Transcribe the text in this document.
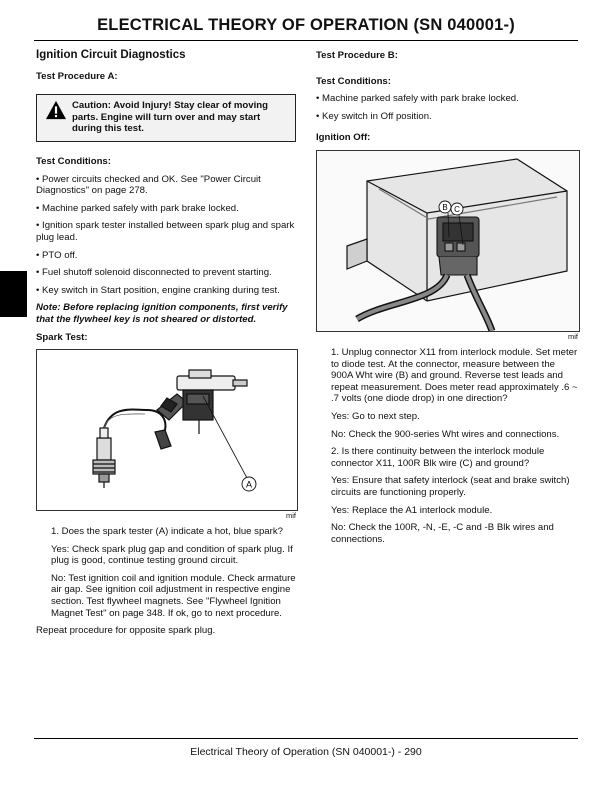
ELECTRICAL THEORY OF OPERATION (SN 040001-)

Ignition Circuit Diagnostics

Test Procedure A:

Caution: Avoid Injury! Stay clear of moving parts. Engine will turn over and may start during this test.

Test Conditions:

• Power circuits checked and OK. See "Power Circuit Diagnostics" on page 278.

• Machine parked safely with park brake locked.

• Ignition spark tester installed between spark plug and spark plug lead.

• PTO off.

• Fuel shutoff solenoid disconnected to prevent starting.

• Key switch in Start position, engine cranking during test.

Note: Before replacing ignition components, first verify that the flywheel key is not sheared or distorted.

Spark Test:

A
mif

1. Does the spark tester (A) indicate a hot, blue spark?

Yes: Check spark plug gap and condition of spark plug. If plug is good, continue testing ground circuit.

No: Test ignition coil and ignition module. Check armature air gap. See ignition coil adjustment in respective engine section. Test flywheel magnets. See "Flywheel Ignition Magnet Test" on page 348. If ok, go to next procedure.

Repeat procedure for opposite spark plug.

Test Procedure B:

Test Conditions:

• Machine parked safely with park brake locked.

• Key switch in Off position.

Ignition Off:

B C
mif

1. Unplug connector X11 from interlock module. Set meter to diode test. At the connector, measure between the 900A Wht wire (B) and ground. Reverse test leads and repeat measurement. Does meter read approximately .6 ~ .7 volts (one diode drop) in one direction?

Yes: Go to next step.

No: Check the 900-series Wht wires and connections.

2. Is there continuity between the interlock module connector X11, 100R Blk wire (C) and ground?

Yes: Ensure that safety interlock (seat and brake switch) circuits are functioning properly.

Yes: Replace the A1 interlock module.

No: Check the 100R, -N, -E, -C and -B Blk wires and connections.

Electrical Theory of Operation (SN 040001-) - 290
